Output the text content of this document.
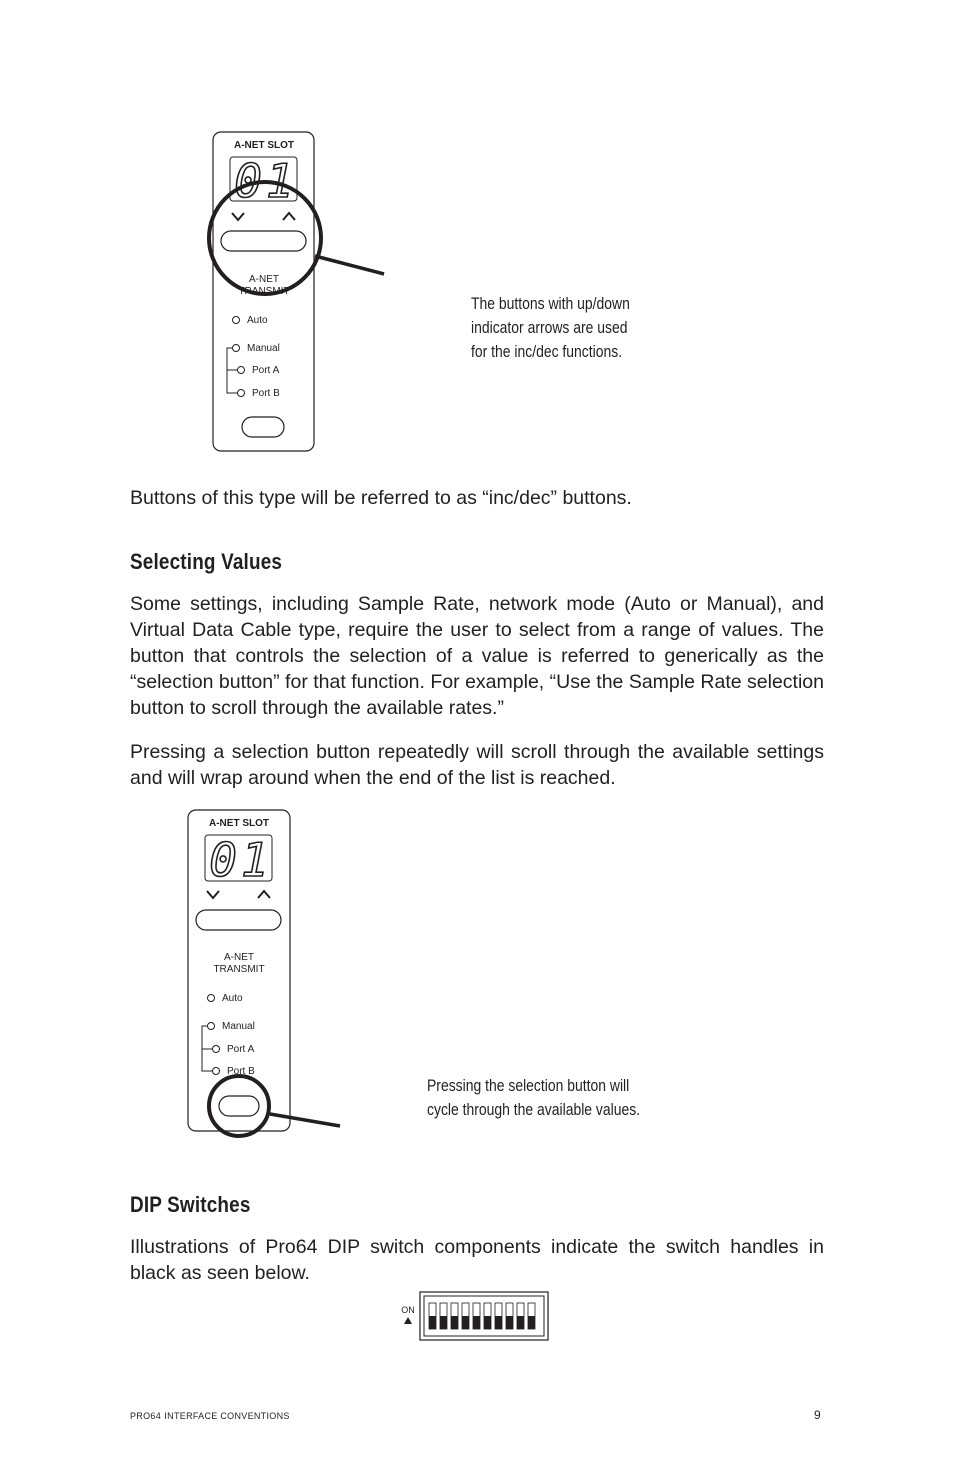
A-NET SLOT
01
A-NET
TRANSMIT
Auto
Manual
Port A
Port B
The buttons with up/down
indicator arrows are used
for the inc/dec functions.
Buttons of this type will be referred to as “inc/dec” buttons.
Selecting Values
Some settings, including Sample Rate, network mode (Auto or Manual), and Virtual Data Cable type, require the user to select from a range of values. The button that controls the selection of a value is referred to generically as the “selection button” for that function. For example, “Use the Sample Rate selection button to scroll through the available rates.”
Pressing a selection button repeatedly will scroll through the available settings and will wrap around when the end of the list is reached.
A-NET SLOT
01
A-NET
TRANSMIT
Auto
Manual
Port A
Port B
Pressing the selection button will
cycle through the available values.
DIP Switches
Illustrations of Pro64 DIP switch components indicate the switch handles in black as seen below.
ON
PRO64 INTERFACE CONVENTIONS	9
